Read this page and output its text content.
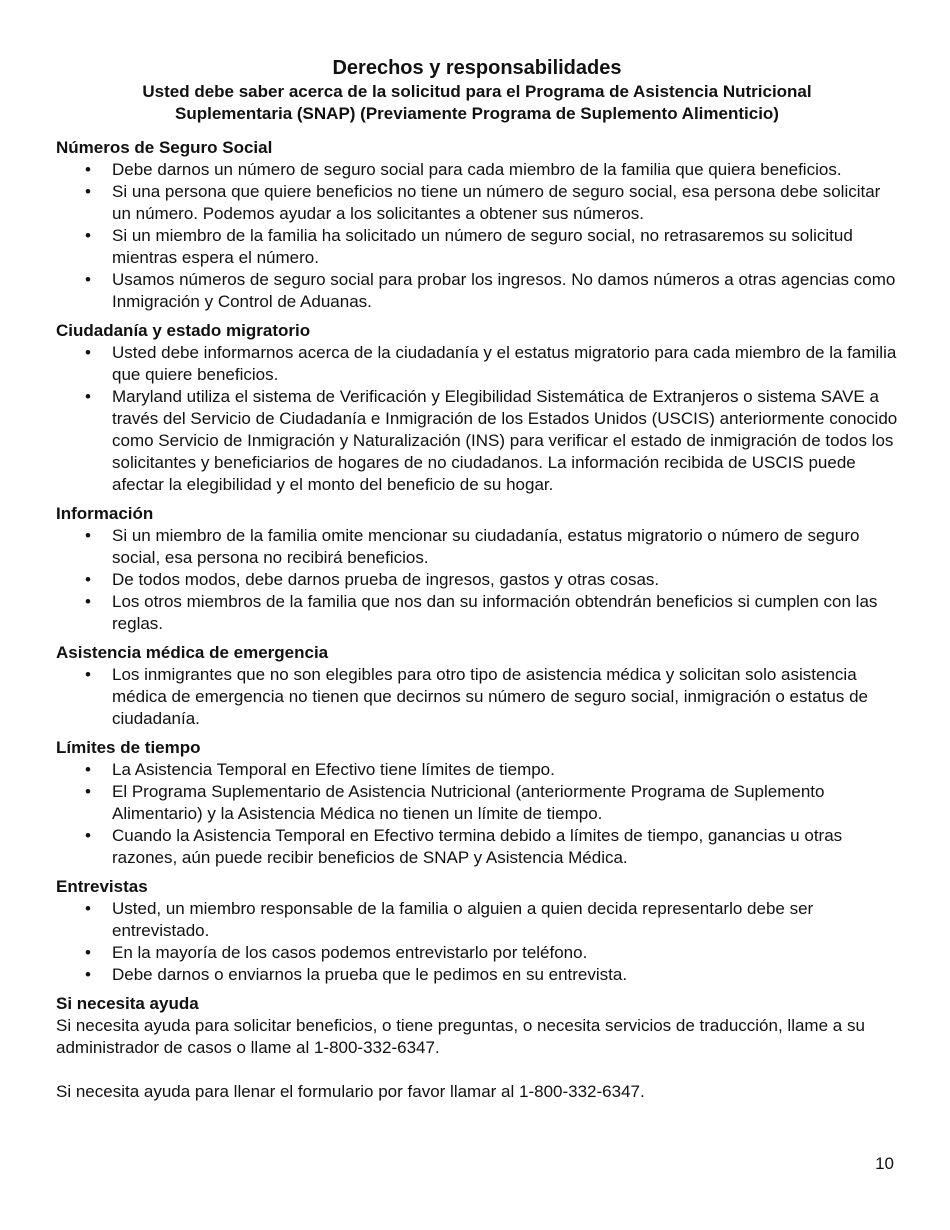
Derechos y responsabilidades
Usted debe saber acerca de la solicitud para el Programa de Asistencia Nutricional
Suplementaria (SNAP) (Previamente Programa de Suplemento Alimenticio)
Números de Seguro Social
• Debe darnos un número de seguro social para cada miembro de la familia que quiera beneficios.
• Si una persona que quiere beneficios no tiene un número de seguro social, esa persona debe solicitar un número. Podemos ayudar a los solicitantes a obtener sus números.
• Si un miembro de la familia ha solicitado un número de seguro social, no retrasaremos su solicitud mientras espera el número.
• Usamos números de seguro social para probar los ingresos. No damos números a otras agencias como Inmigración y Control de Aduanas.
Ciudadanía y estado migratorio
• Usted debe informarnos acerca de la ciudadanía y el estatus migratorio para cada miembro de la familia que quiere beneficios.
• Maryland utiliza el sistema de Verificación y Elegibilidad Sistemática de Extranjeros o sistema SAVE a través del Servicio de Ciudadanía e Inmigración de los Estados Unidos (USCIS) anteriormente conocido como Servicio de Inmigración y Naturalización (INS) para verificar el estado de inmigración de todos los solicitantes y beneficiarios de hogares de no ciudadanos. La información recibida de USCIS puede afectar la elegibilidad y el monto del beneficio de su hogar.
Información
• Si un miembro de la familia omite mencionar su ciudadanía, estatus migratorio o número de seguro social, esa persona no recibirá beneficios.
• De todos modos, debe darnos prueba de ingresos, gastos y otras cosas.
• Los otros miembros de la familia que nos dan su información obtendrán beneficios si cumplen con las reglas.
Asistencia médica de emergencia
• Los inmigrantes que no son elegibles para otro tipo de asistencia médica y solicitan solo asistencia médica de emergencia no tienen que decirnos su número de seguro social, inmigración o estatus de ciudadanía.
Límites de tiempo
• La Asistencia Temporal en Efectivo tiene límites de tiempo.
• El Programa Suplementario de Asistencia Nutricional (anteriormente Programa de Suplemento Alimentario) y la Asistencia Médica no tienen un límite de tiempo.
• Cuando la Asistencia Temporal en Efectivo termina debido a límites de tiempo, ganancias u otras razones, aún puede recibir beneficios de SNAP y Asistencia Médica.
Entrevistas
• Usted, un miembro responsable de la familia o alguien a quien decida representarlo debe ser entrevistado.
• En la mayoría de los casos podemos entrevistarlo por teléfono.
• Debe darnos o enviarnos la prueba que le pedimos en su entrevista.
Si necesita ayuda

Si necesita ayuda para solicitar beneficios, o tiene preguntas, o necesita servicios de traducción, llame a su administrador de casos o llame al 1-800-332-6347.

Si necesita ayuda para llenar el formulario por favor llamar al 1-800-332-6347.

10
